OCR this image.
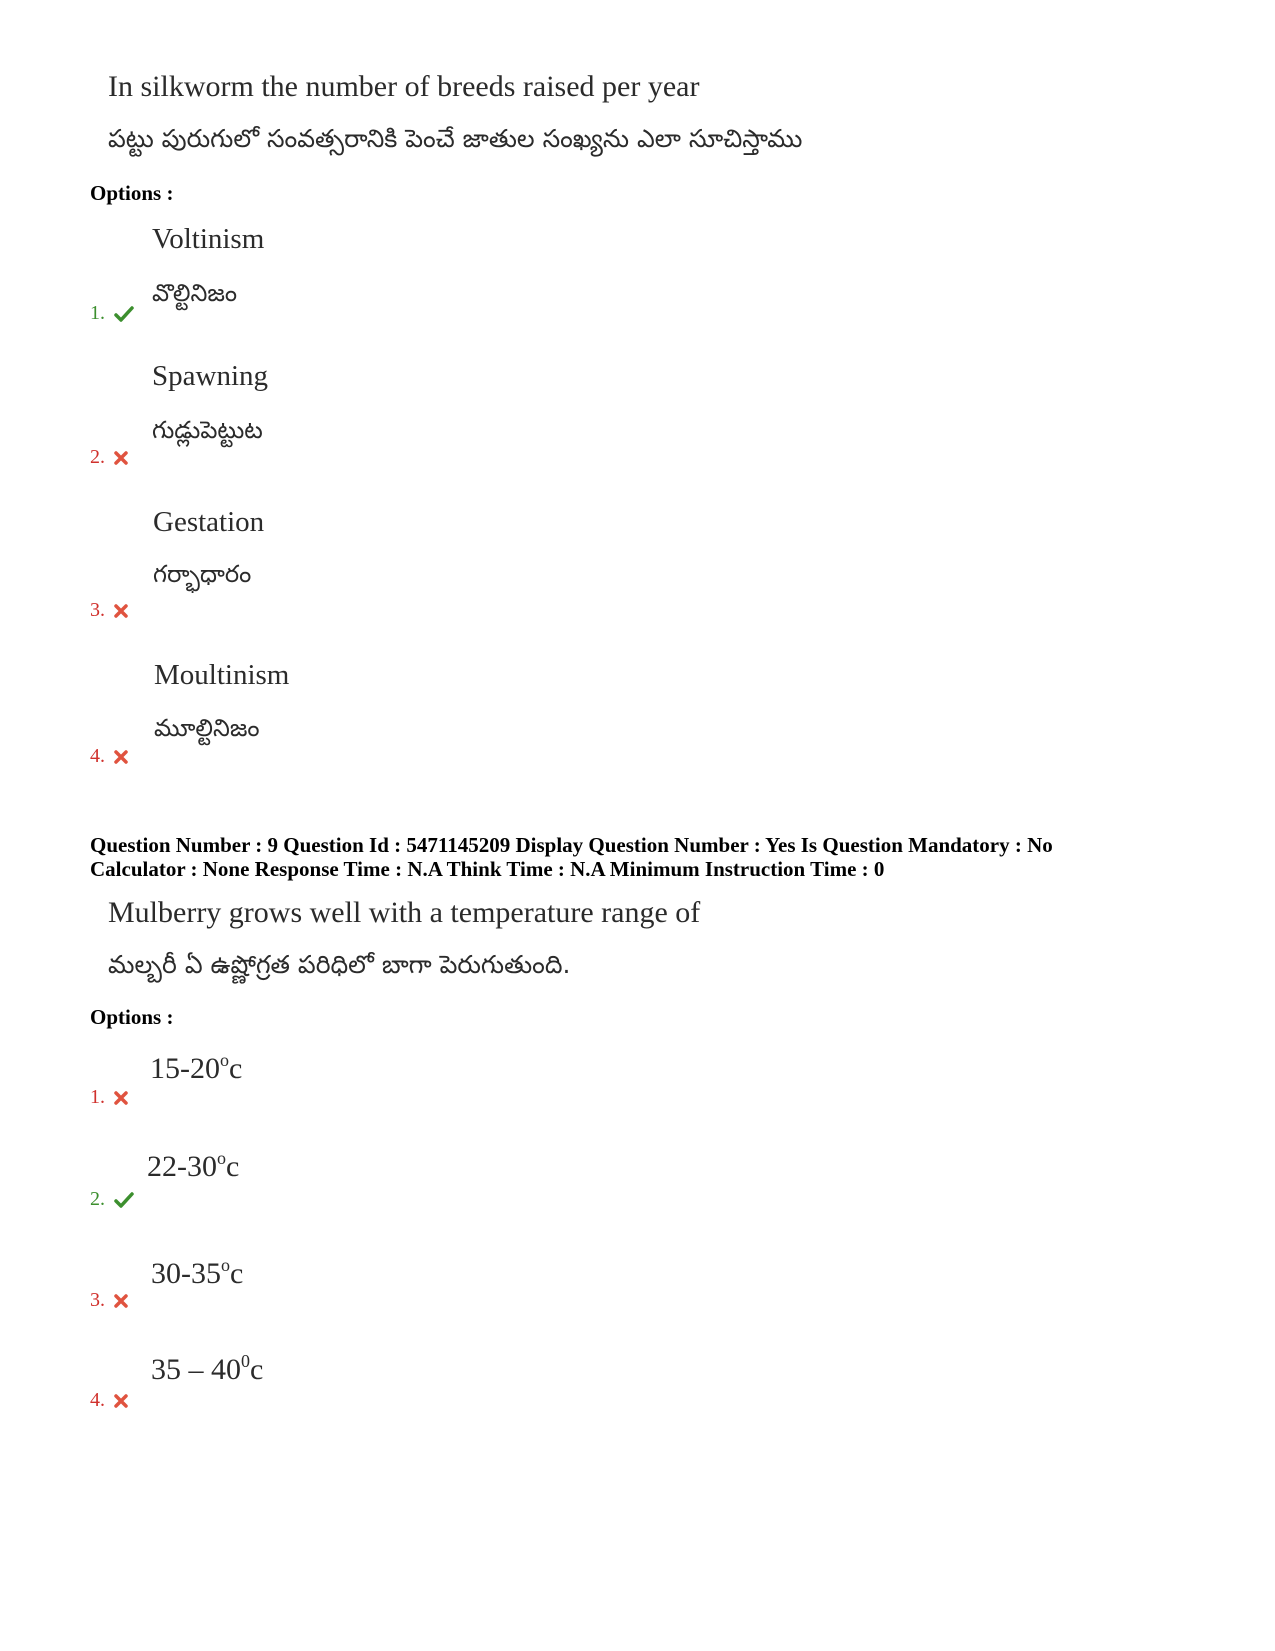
In silkworm the number of breeds raised per year
పట్టు పురుగులో సంవత్సరానికి పెంచే జాతుల సంఖ్యను ఎలా సూచిస్తాము
Options :
Voltinism
వొల్టినిజం
1.
Spawning
గుడ్లుపెట్టుట
2.
Gestation
గర్భాధారం
3.
Moultinism
మూల్టినిజం
4.
Question Number : 9 Question Id : 5471145209 Display Question Number : Yes Is Question Mandatory : No
Calculator : None Response Time : N.A Think Time : N.A Minimum Instruction Time : 0
Mulberry grows well with a temperature range of
మల్బరీ ఏ ఉష్ణోగ్రత పరిధిలో బాగా పెరుగుతుంది.
Options :
15-20$^o$c
1.
22-30$^o$c
2.
30-35$^o$c
3.
$35 - 40^0c$
4.
